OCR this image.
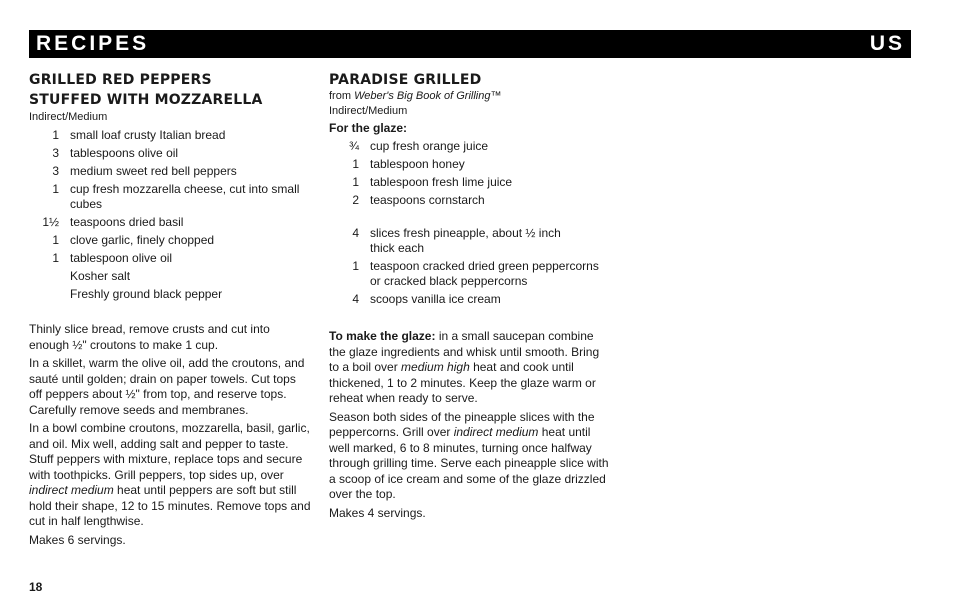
RECIPES	US
GRILLED RED PEPPERS
STUFFED WITH MOZZARELLA
Indirect/Medium
1 small loaf crusty Italian bread
3 tablespoons olive oil
3 medium sweet red bell peppers
1 cup fresh mozzarella cheese, cut into small cubes
1½ teaspoons dried basil
1 clove garlic, finely chopped
1 tablespoon olive oil
Kosher salt
Freshly ground black pepper

Thinly slice bread, remove crusts and cut into enough ½" croutons to make 1 cup.

In a skillet, warm the olive oil, add the croutons, and sauté until golden; drain on paper towels. Cut tops off peppers about ½" from top, and reserve tops. Carefully remove seeds and membranes.

In a bowl combine croutons, mozzarella, basil, garlic, and oil. Mix well, adding salt and pepper to taste. Stuff peppers with mixture, replace tops and secure with toothpicks. Grill peppers, top sides up, over indirect medium heat until peppers are soft but still hold their shape, 12 to 15 minutes. Remove tops and cut in half lengthwise.

Makes 6 servings.

PARADISE GRILLED
from Weber's Big Book of Grilling™
Indirect/Medium
For the glaze:
¾ cup fresh orange juice
1 tablespoon honey
1 tablespoon fresh lime juice
2 teaspoons cornstarch
4 slices fresh pineapple, about ½ inch thick each
1 teaspoon cracked dried green peppercorns or cracked black peppercorns
4 scoops vanilla ice cream

To make the glaze: in a small saucepan combine the glaze ingredients and whisk until smooth. Bring to a boil over medium high heat and cook until thickened, 1 to 2 minutes. Keep the glaze warm or reheat when ready to serve.

Season both sides of the pineapple slices with the peppercorns. Grill over indirect medium heat until well marked, 6 to 8 minutes, turning once halfway through grilling time. Serve each pineapple slice with a scoop of ice cream and some of the glaze drizzled over the top.

Makes 4 servings.

18
